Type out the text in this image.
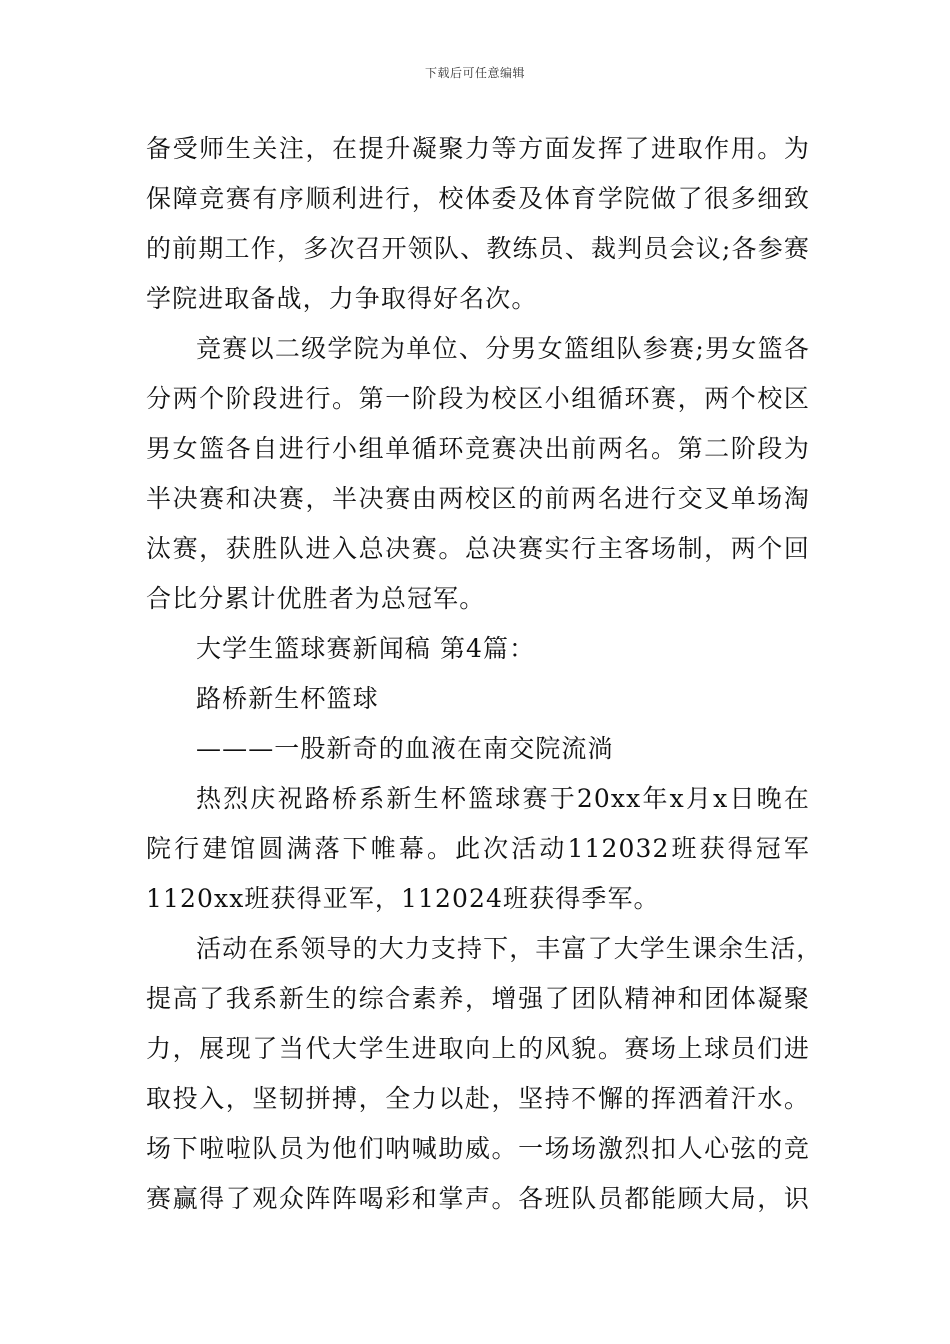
下载后可任意编辑
备受师生关注，在提升凝聚力等方面发挥了进取作用。为
保障竞赛有序顺利进行，校体委及体育学院做了很多细致
的前期工作，多次召开领队、教练员、裁判员会议;各参赛
学院进取备战，力争取得好名次。
竞赛以二级学院为单位、分男女篮组队参赛;男女篮各
分两个阶段进行。第一阶段为校区小组循环赛，两个校区
男女篮各自进行小组单循环竞赛决出前两名。第二阶段为
半决赛和决赛，半决赛由两校区的前两名进行交叉单场淘
汰赛，获胜队进入总决赛。总决赛实行主客场制，两个回
合比分累计优胜者为总冠军。
大学生篮球赛新闻稿 第4篇：
路桥新生杯篮球
———一股新奇的血液在南交院流淌
热烈庆祝路桥系新生杯篮球赛于20xx年x月x日晚在
院行建馆圆满落下帷幕。此次活动112032班获得冠军
1120xx班获得亚军，112024班获得季军。
活动在系领导的大力支持下，丰富了大学生课余生活，
提高了我系新生的综合素养，增强了团队精神和团体凝聚
力，展现了当代大学生进取向上的风貌。赛场上球员们进
取投入，坚韧拼搏，全力以赴，坚持不懈的挥洒着汗水。
场下啦啦队员为他们呐喊助威。一场场激烈扣人心弦的竞
赛赢得了观众阵阵喝彩和掌声。各班队员都能顾大局，识
